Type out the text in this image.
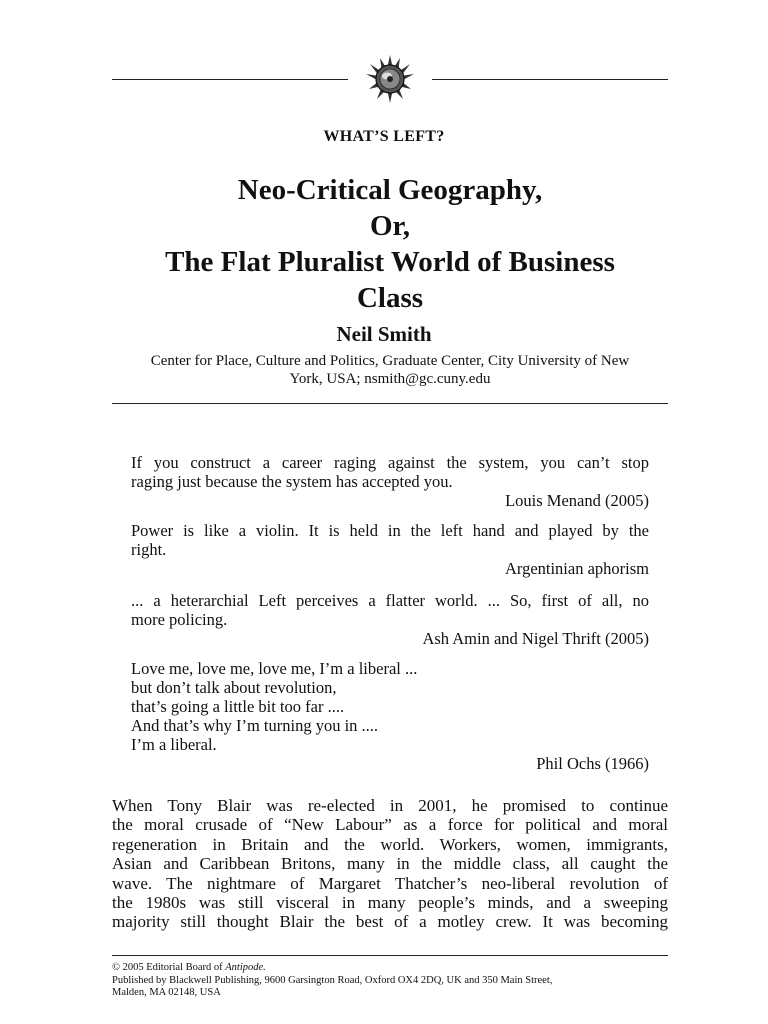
WHAT’S LEFT?
Neo-Critical Geography,
Or,
The Flat Pluralist World of Business
Class
Neil Smith
Center for Place, Culture and Politics, Graduate Center, City University of New
York, USA; nsmith@gc.cuny.edu
If you construct a career raging against the system, you can’t stop
raging just because the system has accepted you.
Louis Menand (2005)
Power is like a violin. It is held in the left hand and played by the
right.
Argentinian aphorism
... a heterarchial Left perceives a flatter world. ... So, first of all, no
more policing.
Ash Amin and Nigel Thrift (2005)
Love me, love me, love me, I’m a liberal ...
but don’t talk about revolution,
that’s going a little bit too far ....
And that’s why I’m turning you in ....
I’m a liberal.
Phil Ochs (1966)
When Tony Blair was re-elected in 2001, he promised to continue
the moral crusade of “New Labour” as a force for political and moral
regeneration in Britain and the world. Workers, women, immigrants,
Asian and Caribbean Britons, many in the middle class, all caught the
wave. The nightmare of Margaret Thatcher’s neo-liberal revolution of
the 1980s was still visceral in many people’s minds, and a sweeping
majority still thought Blair the best of a motley crew. It was becoming
© 2005 Editorial Board of Antipode.
Published by Blackwell Publishing, 9600 Garsington Road, Oxford OX4 2DQ, UK and 350 Main Street,
Malden, MA 02148, USA
